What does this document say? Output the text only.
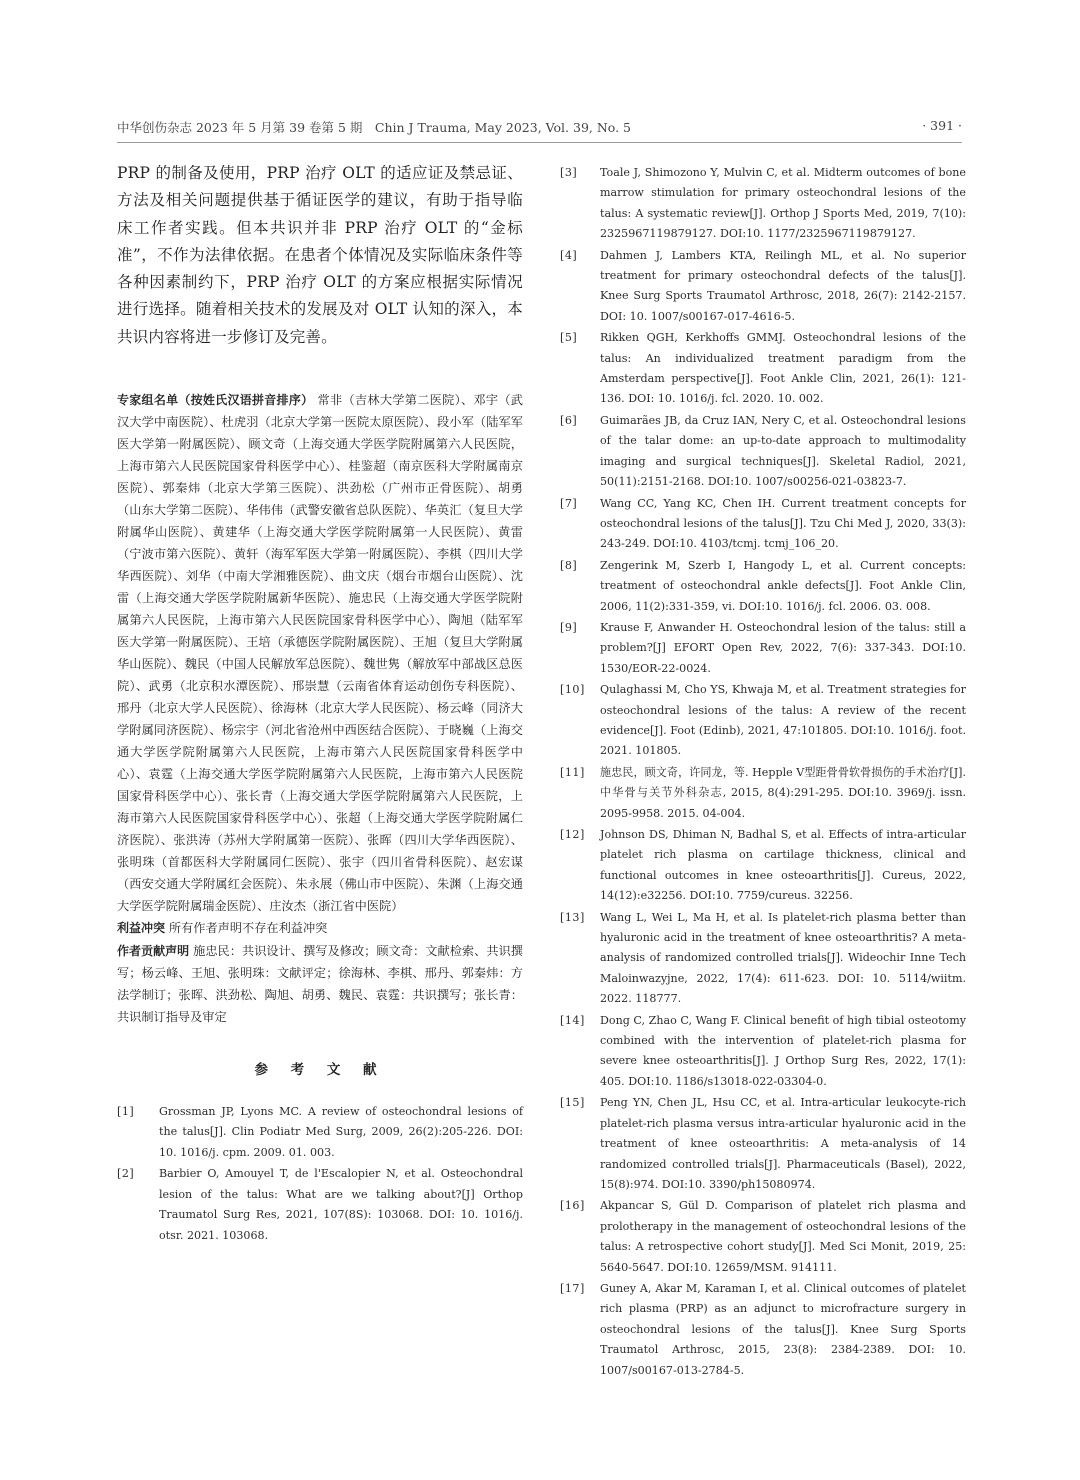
中华创伤杂志 2023 年 5 月第 39 卷第 5 期　Chin J Trauma, May 2023, Vol. 39, No. 5	· 391 ·

PRP 的制备及使用，PRP 治疗 OLT 的适应证及禁忌证、方法及相关问题提供基于循证医学的建议，有助于指导临床工作者实践。但本共识并非 PRP 治疗 OLT 的“金标准”，不作为法律依据。在患者个体情况及实际临床条件等各种因素制约下，PRP 治疗 OLT 的方案应根据实际情况进行选择。随着相关技术的发展及对 OLT 认知的深入，本共识内容将进一步修订及完善。

专家组名单（按姓氏汉语拼音排序） 常非（吉林大学第二医院）、邓宇（武汉大学中南医院）、杜虎羽（北京大学第一医院太原医院）、段小军（陆军军医大学第一附属医院）、顾文奇（上海交通大学医学院附属第六人民医院，上海市第六人民医院国家骨科医学中心）、桂鉴超（南京医科大学附属南京医院）、郭秦炜（北京大学第三医院）、洪劲松（广州市正骨医院）、胡勇（山东大学第二医院）、华伟伟（武警安徽省总队医院）、华英汇（复旦大学附属华山医院）、黄建华（上海交通大学医学院附属第一人民医院）、黄雷（宁波市第六医院）、黄轩（海军军医大学第一附属医院）、李棋（四川大学华西医院）、刘华（中南大学湘雅医院）、曲文庆（烟台市烟台山医院）、沈雷（上海交通大学医学院附属新华医院）、施忠民（上海交通大学医学院附属第六人民医院，上海市第六人民医院国家骨科医学中心）、陶旭（陆军军医大学第一附属医院）、王培（承德医学院附属医院）、王旭（复旦大学附属华山医院）、魏民（中国人民解放军总医院）、魏世隽（解放军中部战区总医院）、武勇（北京积水潭医院）、邢崇慧（云南省体育运动创伤专科医院）、邢丹（北京大学人民医院）、徐海林（北京大学人民医院）、杨云峰（同济大学附属同济医院）、杨宗宇（河北省沧州中西医结合医院）、于晓巍（上海交通大学医学院附属第六人民医院，上海市第六人民医院国家骨科医学中心）、袁霆（上海交通大学医学院附属第六人民医院，上海市第六人民医院国家骨科医学中心）、张长青（上海交通大学医学院附属第六人民医院，上海市第六人民医院国家骨科医学中心）、张超（上海交通大学医学院附属仁济医院）、张洪涛（苏州大学附属第一医院）、张晖（四川大学华西医院）、张明珠（首都医科大学附属同仁医院）、张宇（四川省骨科医院）、赵宏谋（西安交通大学附属红会医院）、朱永展（佛山市中医院）、朱渊（上海交通大学医学院附属瑞金医院）、庄汝杰（浙江省中医院）

利益冲突 所有作者声明不存在利益冲突

作者贡献声明 施忠民：共识设计、撰写及修改；顾文奇：文献检索、共识撰写；杨云峰、王旭、张明珠：文献评定；徐海林、李棋、邢丹、郭秦炜：方法学制订；张晖、洪劲松、陶旭、胡勇、魏民、袁霆：共识撰写；张长青：共识制订指导及审定

参 考 文 献
[1]	Grossman JP, Lyons MC. A review of osteochondral lesions of the talus[J]. Clin Podiatr Med Surg, 2009, 26(2):205-226. DOI: 10. 1016/j. cpm. 2009. 01. 003.
[2]	Barbier O, Amouyel T, de l'Escalopier N, et al. Osteochondral lesion of the talus: What are we talking about?[J] Orthop Traumatol Surg Res, 2021, 107(8S): 103068. DOI: 10. 1016/j. otsr. 2021. 103068.
[3]	Toale J, Shimozono Y, Mulvin C, et al. Midterm outcomes of bone marrow stimulation for primary osteochondral lesions of the talus: A systematic review[J]. Orthop J Sports Med, 2019, 7(10): 2325967119879127. DOI:10. 1177/2325967119879127.
[4]	Dahmen J, Lambers KTA, Reilingh ML, et al. No superior treatment for primary osteochondral defects of the talus[J]. Knee Surg Sports Traumatol Arthrosc, 2018, 26(7): 2142-2157. DOI: 10. 1007/s00167-017-4616-5.
[5]	Rikken QGH, Kerkhoffs GMMJ. Osteochondral lesions of the talus: An individualized treatment paradigm from the Amsterdam perspective[J]. Foot Ankle Clin, 2021, 26(1): 121-136. DOI: 10. 1016/j. fcl. 2020. 10. 002.
[6]	Guimarães JB, da Cruz IAN, Nery C, et al. Osteochondral lesions of the talar dome: an up-to-date approach to multimodality imaging and surgical techniques[J]. Skeletal Radiol, 2021, 50(11):2151-2168. DOI:10. 1007/s00256-021-03823-7.
[7]	Wang CC, Yang KC, Chen IH. Current treatment concepts for osteochondral lesions of the talus[J]. Tzu Chi Med J, 2020, 33(3): 243-249. DOI:10. 4103/tcmj. tcmj_106_20.
[8]	Zengerink M, Szerb I, Hangody L, et al. Current concepts: treatment of osteochondral ankle defects[J]. Foot Ankle Clin, 2006, 11(2):331-359, vi. DOI:10. 1016/j. fcl. 2006. 03. 008.
[9]	Krause F, Anwander H. Osteochondral lesion of the talus: still a problem?[J] EFORT Open Rev, 2022, 7(6): 337-343. DOI:10. 1530/EOR-22-0024.
[10]	Qulaghassi M, Cho YS, Khwaja M, et al. Treatment strategies for osteochondral lesions of the talus: A review of the recent evidence[J]. Foot (Edinb), 2021, 47:101805. DOI:10. 1016/j. foot. 2021. 101805.
[11]	施忠民，顾文奇，许同龙，等. Hepple Ⅴ型距骨骨软骨损伤的手术治疗[J]. 中华骨与关节外科杂志, 2015, 8(4):291-295. DOI:10. 3969/j. issn. 2095-9958. 2015. 04-004.
[12]	Johnson DS, Dhiman N, Badhal S, et al. Effects of intra-articular platelet rich plasma on cartilage thickness, clinical and functional outcomes in knee osteoarthritis[J]. Cureus, 2022, 14(12):e32256. DOI:10. 7759/cureus. 32256.
[13]	Wang L, Wei L, Ma H, et al. Is platelet-rich plasma better than hyaluronic acid in the treatment of knee osteoarthritis? A meta-analysis of randomized controlled trials[J]. Wideochir Inne Tech Maloinwazyjne, 2022, 17(4): 611-623. DOI: 10. 5114/wiitm. 2022. 118777.
[14]	Dong C, Zhao C, Wang F. Clinical benefit of high tibial osteotomy combined with the intervention of platelet-rich plasma for severe knee osteoarthritis[J]. J Orthop Surg Res, 2022, 17(1): 405. DOI:10. 1186/s13018-022-03304-0.
[15]	Peng YN, Chen JL, Hsu CC, et al. Intra-articular leukocyte-rich platelet-rich plasma versus intra-articular hyaluronic acid in the treatment of knee osteoarthritis: A meta-analysis of 14 randomized controlled trials[J]. Pharmaceuticals (Basel), 2022, 15(8):974. DOI:10. 3390/ph15080974.
[16]	Akpancar S, Gül D. Comparison of platelet rich plasma and prolotherapy in the management of osteochondral lesions of the talus: A retrospective cohort study[J]. Med Sci Monit, 2019, 25: 5640-5647. DOI:10. 12659/MSM. 914111.
[17]	Guney A, Akar M, Karaman I, et al. Clinical outcomes of platelet rich plasma (PRP) as an adjunct to microfracture surgery in osteochondral lesions of the talus[J]. Knee Surg Sports Traumatol Arthrosc, 2015, 23(8): 2384-2389. DOI: 10. 1007/s00167-013-2784-5.
